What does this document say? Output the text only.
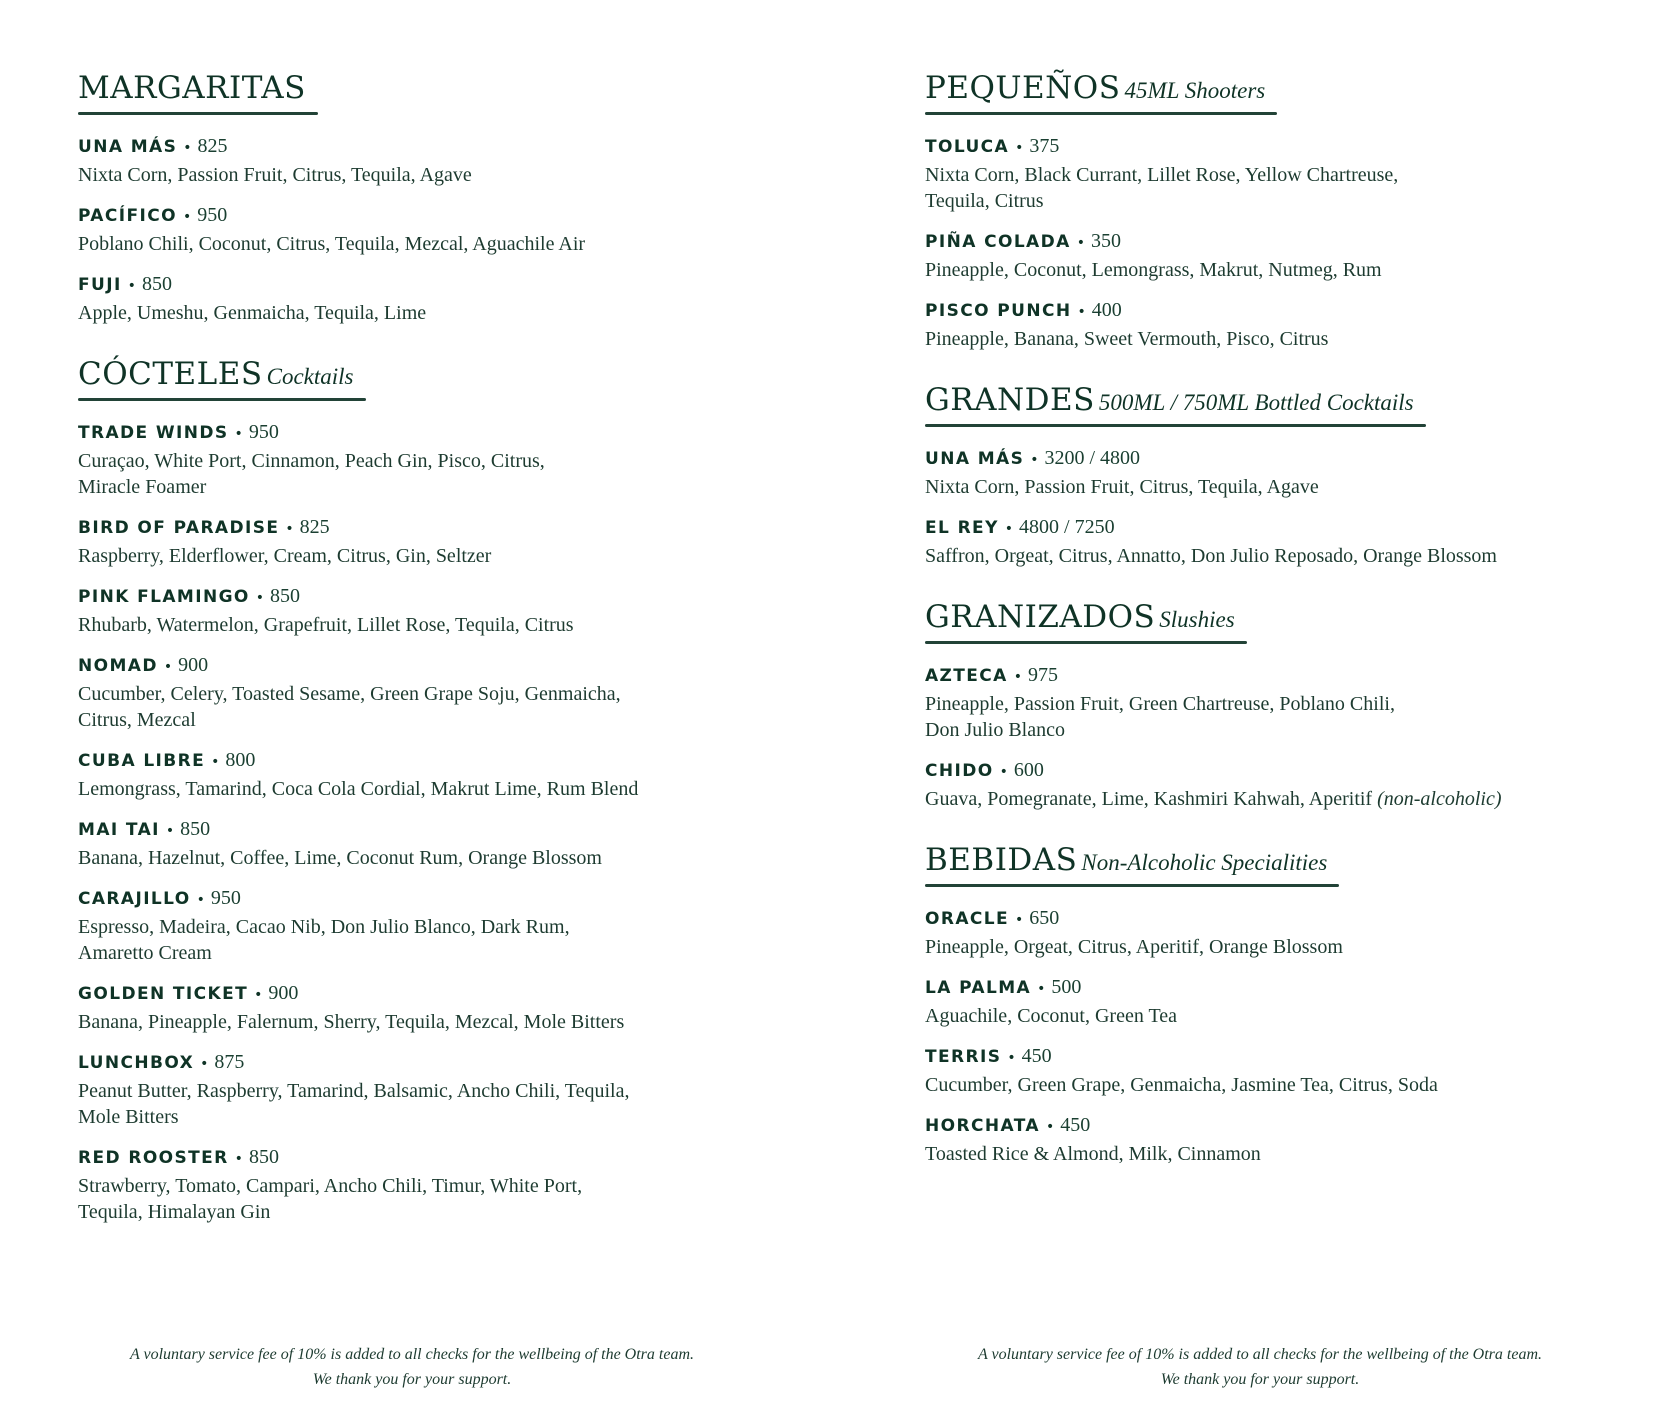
MARGARITAS
UNA MÁS • 825
Nixta Corn, Passion Fruit, Citrus, Tequila, Agave
PACÍFICO • 950
Poblano Chili, Coconut, Citrus, Tequila, Mezcal, Aguachile Air
FUJI • 850
Apple, Umeshu, Genmaicha, Tequila, Lime
CÓCTELES Cocktails
TRADE WINDS • 950
Curaçao, White Port, Cinnamon, Peach Gin, Pisco, Citrus,
Miracle Foamer
BIRD OF PARADISE • 825
Raspberry, Elderflower, Cream, Citrus, Gin, Seltzer
PINK FLAMINGO • 850
Rhubarb, Watermelon, Grapefruit, Lillet Rose, Tequila, Citrus
NOMAD • 900
Cucumber, Celery, Toasted Sesame, Green Grape Soju, Genmaicha,
Citrus, Mezcal
CUBA LIBRE • 800
Lemongrass, Tamarind, Coca Cola Cordial, Makrut Lime, Rum Blend
MAI TAI • 850
Banana, Hazelnut, Coffee, Lime, Coconut Rum, Orange Blossom
CARAJILLO • 950
Espresso, Madeira, Cacao Nib, Don Julio Blanco, Dark Rum,
Amaretto Cream
GOLDEN TICKET • 900
Banana, Pineapple, Falernum, Sherry, Tequila, Mezcal, Mole Bitters
LUNCHBOX • 875
Peanut Butter, Raspberry, Tamarind, Balsamic, Ancho Chili, Tequila,
Mole Bitters
RED ROOSTER • 850
Strawberry, Tomato, Campari, Ancho Chili, Timur, White Port,
Tequila, Himalayan Gin
PEQUEÑOS 45ML Shooters
TOLUCA • 375
Nixta Corn, Black Currant, Lillet Rose, Yellow Chartreuse,
Tequila, Citrus
PIÑA COLADA • 350
Pineapple, Coconut, Lemongrass, Makrut, Nutmeg, Rum
PISCO PUNCH • 400
Pineapple, Banana, Sweet Vermouth, Pisco, Citrus
GRANDES 500ML / 750ML Bottled Cocktails
UNA MÁS • 3200 / 4800
Nixta Corn, Passion Fruit, Citrus, Tequila, Agave
EL REY • 4800 / 7250
Saffron, Orgeat, Citrus, Annatto, Don Julio Reposado, Orange Blossom
GRANIZADOS Slushies
AZTECA • 975
Pineapple, Passion Fruit, Green Chartreuse, Poblano Chili,
Don Julio Blanco
CHIDO • 600
Guava, Pomegranate, Lime, Kashmiri Kahwah, Aperitif (non-alcoholic)
BEBIDAS Non-Alcoholic Specialities
ORACLE • 650
Pineapple, Orgeat, Citrus, Aperitif, Orange Blossom
LA PALMA • 500
Aguachile, Coconut, Green Tea
TERRIS • 450
Cucumber, Green Grape, Genmaicha, Jasmine Tea, Citrus, Soda
HORCHATA • 450
Toasted Rice & Almond, Milk, Cinnamon
A voluntary service fee of 10% is added to all checks for the wellbeing of the Otra team.
We thank you for your support.
A voluntary service fee of 10% is added to all checks for the wellbeing of the Otra team.
We thank you for your support.
